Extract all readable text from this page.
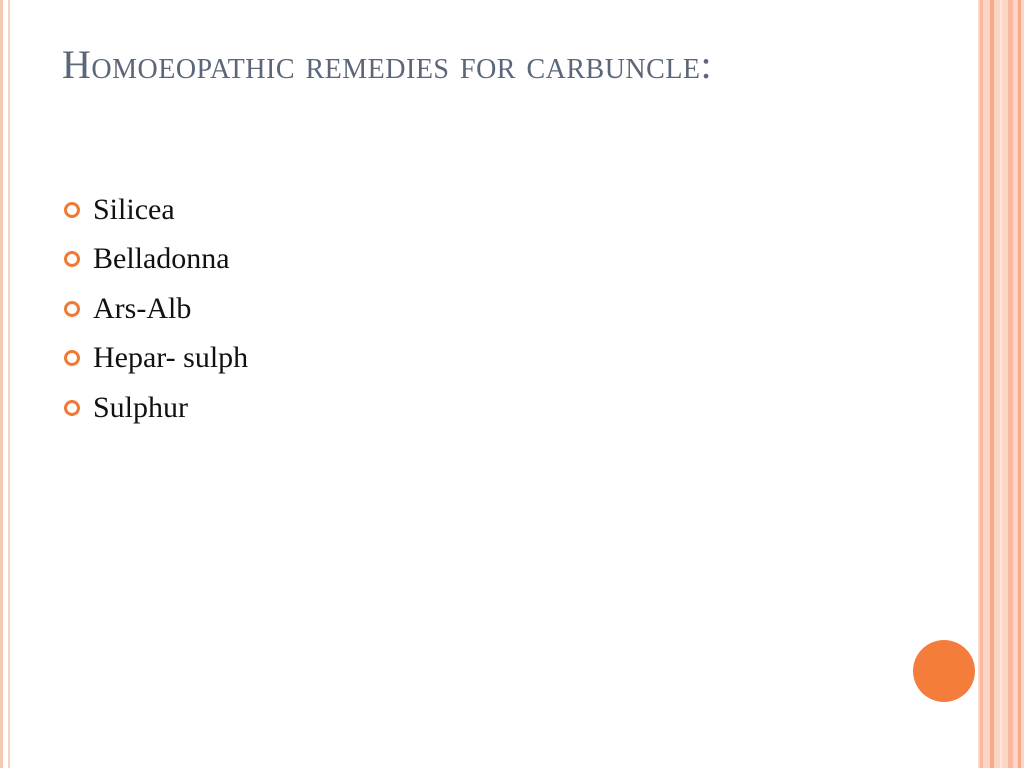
Homoeopathic remedies for carbuncle:
Silicea
Belladonna
Ars-Alb
Hepar- sulph
Sulphur
